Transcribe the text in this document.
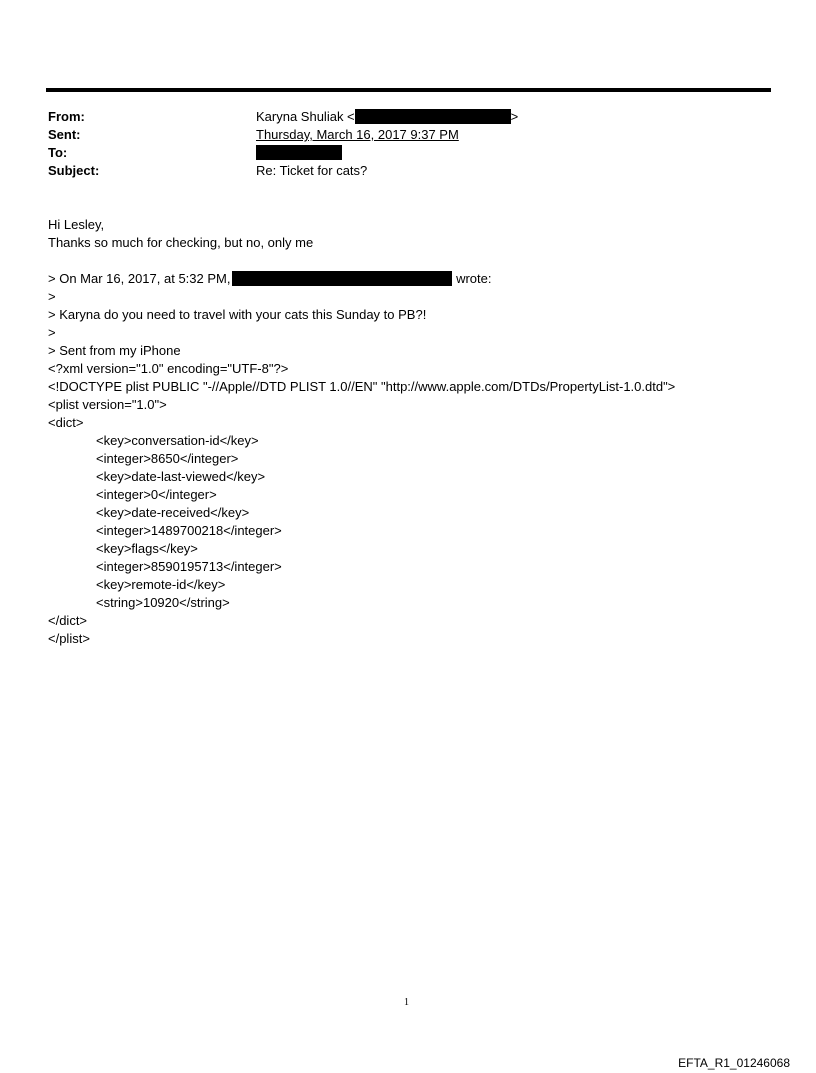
From:
Sent:
To:
Subject:
Karyna Shuliak <	>
Thursday, March 16, 2017 9:37 PM
Re: Ticket for cats?
Hi Lesley,
Thanks so much for checking, but no, only me
> On Mar 16, 2017, at 5:32 PM,	wrote:
>
> Karyna do you need to travel with your cats this Sunday to PB?!
>
> Sent from my iPhone
<?xml version="1.0" encoding="UTF-8"?>
<!DOCTYPE plist PUBLIC "-//Apple//DTD PLIST 1.0//EN" "http://www.apple.com/DTDs/PropertyList-1.0.dtd">
<plist version="1.0">
<dict>
<key>conversation-id</key>
<integer>8650</integer>
<key>date-last-viewed</key>
<integer>0</integer>
<key>date-received</key>
<integer>1489700218</integer>
<key>flags</key>
<integer>8590195713</integer>
<key>remote-id</key>
<string>10920</string>
</dict>
</plist>
1
EFTA_R1_01246068
